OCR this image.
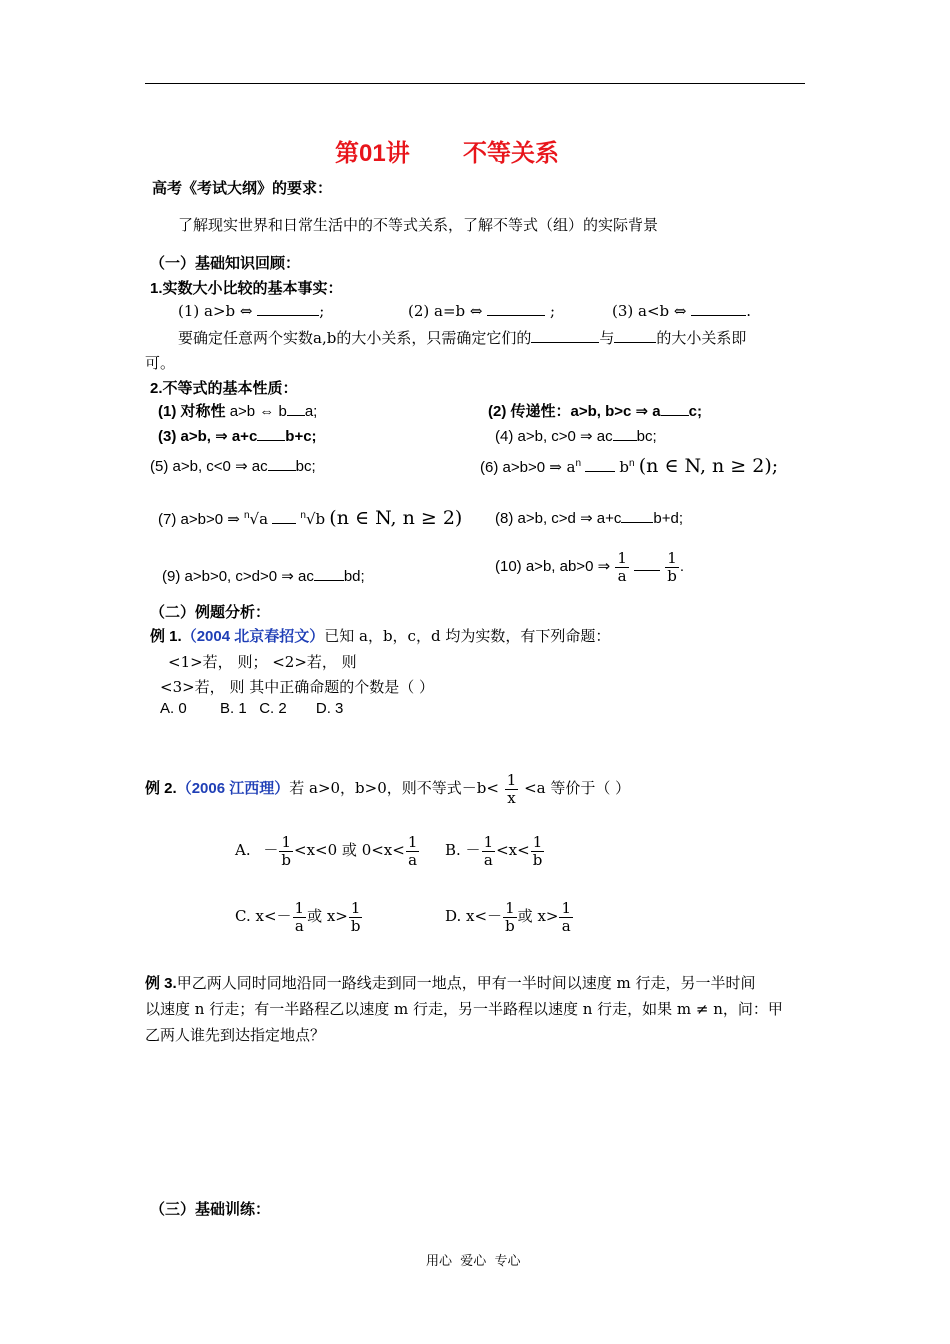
第01讲 不等关系
高考《考试大纲》的要求：
了解现实世界和日常生活中的不等式关系，了解不等式（组）的实际背景
（一）基础知识回顾：
1.实数大小比较的基本事实：
(1) a>b ⇔	;	(2) a=b ⇔	;	(3) a<b ⇔	.
要确定任意两个实数a,b的大小关系，只需确定它们的	与	的大小关系即
可。
2.不等式的基本性质：
(1) 对称性 a>b ⇔ b a;	(2) 传递性：a>b, b>c ⇒ a c;
(3) a>b, ⇒ a+c b+c;	(4) a>b, c>0 ⇒ ac bc;
(5) a>b, c<0 ⇒ ac bc;	(6) a>b>0 ⇒ $a^n$	$b^n$ (n ∈ N, n ≥ 2);
(7) a>b>0 ⇒ $^n$√a	$^n$√b (n ∈ N, n ≥ 2) (8) a>b, c>d ⇒ a+c b+d;
(9) a>b>0, c>d>0 ⇒ ac bd;
(10) a>b, ab>0 ⇒ $\frac{1}{a}$
$\frac{1}{b}$ .
（二）例题分析：
例 1.（2004 北京春招文）已知 a，b，c，d 均为实数，有下列命题：
<1>若， 则； <2>若， 则
<3>若， 则 其中正确命题的个数是（ ）
A. 0        B. 1   C. 2       D. 3
例 2.（2006 江西理）若 a>0，b>0，则不等式$-b< \frac{1}{x} <a$ 等价于（ ）
A. － $\frac{1}{b} <x<0$ 或 $0<x< \frac{1}{a} B$. － $\frac{1}{a} <x< \frac{1}{b}$
C. $x<- \frac{1}{a}$ 或 $x> \frac{1}{b}$	D. $x<- \frac{1}{b}$ 或 $x> \frac{1}{a}$
例 3.甲乙两人同时同地沿同一路线走到同一地点，甲有一半时间以速度 m 行走，另一半时间
以速度 n 行走；有一半路程乙以速度 m 行走，另一半路程以速度 n 行走，如果 m ≠ n，问：甲
乙两人谁先到达指定地点？
（三）基础训练：
用心  爱心  专心
